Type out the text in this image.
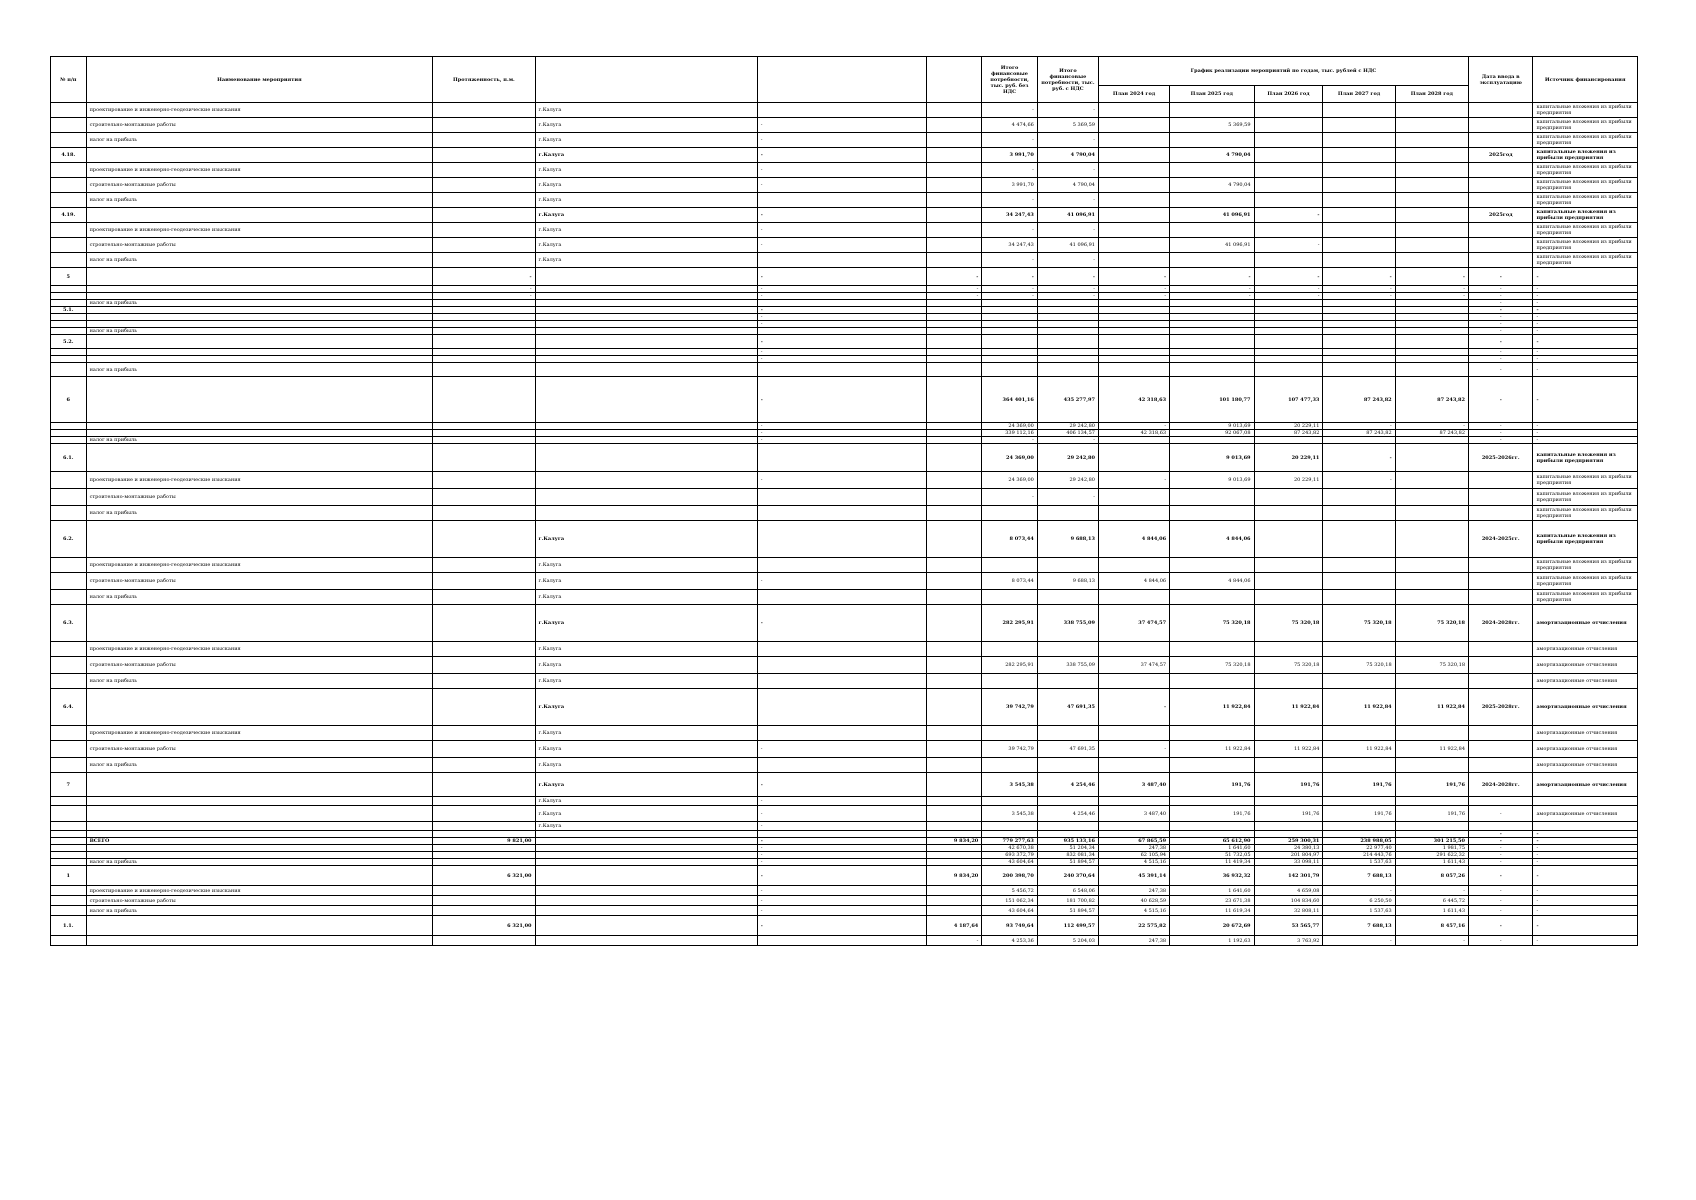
№ п/п	Наименование мероприятия	Протяженность, п.м.				Итого финансовые потребности, тыс. руб. без НДС	Итого финансовые потребности, тыс. руб. с НДС	График реализации мероприятий по годам, тыс. рублей с НДС					Дата ввода в эксплуатацию	Источник финансирования
								План 2024 год	План 2025 год	План 2026 год	План 2027 год	План 2028 год		
	проектирование и инженерно-геодезические изыскания		г.Калуга			-	-							капитальные вложения из прибыли предприятия
	строительно-монтажные работы		г.Калуга	-		4 474,66	5 369,59		5 369,59					капитальные вложения из прибыли предприятия
	налог на прибыль		г.Калуга	-		-	-							капитальные вложения из прибыли предприятия
4.18.			г.Калуга	-		3 991,70	4 790,04		4 790,04				2025год	капитальные вложения из прибыли предприятия
	проектирование и инженерно-геодезические изыскания		г.Калуга	-		-	-							капитальные вложения из прибыли предприятия
	строительно-монтажные работы		г.Калуга	-		3 991,70	4 790,04		4 790,04					капитальные вложения из прибыли предприятия
	налог на прибыль		г.Калуга			-	-							капитальные вложения из прибыли предприятия
4.19.			г.Калуга	-		34 247,43	41 096,91		41 096,91	-			2025год	капитальные вложения из прибыли предприятия
	проектирование и инженерно-геодезические изыскания		г.Калуга	-		-	-							капитальные вложения из прибыли предприятия
	строительно-монтажные работы		г.Калуга	-		34 247,43	41 096,91		41 096,91	-				капитальные вложения из прибыли предприятия
	налог на прибыль		г.Калуга			-	-							капитальные вложения из прибыли предприятия
5		-		-	-	-	-	-	-	-	-	-	-	-
		-		-	-	-	-	-	-	-	-	-	-	-
		-		-	-	-	-	-	-	-	-	-	-	-
	налог на прибыль												-	-
5.1.				-									-	-
				-									-	-
				-									-	-
	налог на прибыль												-	-
5.2.				-									-	-
				-									-	-
				-									-	-
	налог на прибыль												-	-
6				-		364 401,16	435 277,97	42 318,63	101 180,77	107 477,33	87 243,82	87 243,82	-	-
				-		24 369,00	29 242,80	-	9 013,69	20 229,11	-	-	-	-
				-		339 112,16	406 134,57	42 318,63	92 067,08	87 243,82	87 243,82	87 243,82	-	-
	налог на прибыль			-		-	-						-	-
6.1.						24 369,00	29 242,80		9 013,69	20 229,11	-		2025-2026гг.	капитальные вложения из прибыли предприятия
	проектирование и инженерно-геодезические изыскания			-		24 369,00	29 242,80	-	9 013,69	20 229,11	-			капитальные вложения из прибыли предприятия
	строительно-монтажные работы					-	-							капитальные вложения из прибыли предприятия
	налог на прибыль													капитальные вложения из прибыли предприятия
6.2.			г.Калуга			8 073,44	9 688,13	4 844,06	4 844,06				2024-2025гг.	капитальные вложения из прибыли предприятия
	проектирование и инженерно-геодезические изыскания		г.Калуга											капитальные вложения из прибыли предприятия
	строительно-монтажные работы		г.Калуга	-		8 073,44	9 688,13	4 844,06	4 844,06					капитальные вложения из прибыли предприятия
	налог на прибыль		г.Калуга											капитальные вложения из прибыли предприятия
6.3.			г.Калуга	-		282 295,91	338 755,09	37 474,57	75 320,18	75 320,18	75 320,18	75 320,18	2024-2028гг.	амортизационные отчисления
	проектирование и инженерно-геодезические изыскания		г.Калуга											амортизационные отчисления
	строительно-монтажные работы		г.Калуга			282 295,91	338 755,09	37 474,57	75 320,18	75 320,18	75 320,18	75 320,18		амортизационные отчисления
	налог на прибыль		г.Калуга											амортизационные отчисления
6.4.			г.Калуга			39 742,79	47 691,35	-	11 922,84	11 922,84	11 922,84	11 922,84	2025-2028гг.	амортизационные отчисления
	проектирование и инженерно-геодезические изыскания		г.Калуга											амортизационные отчисления
	строительно-монтажные работы		г.Калуга	-		39 742,79	47 691,35	-	11 922,84	11 922,84	11 922,84	11 922,84		амортизационные отчисления
	налог на прибыль		г.Калуга											амортизационные отчисления
7			г.Калуга	-		3 545,38	4 254,46	3 487,40	191,76	191,76	191,76	191,76	2024-2028гг.	амортизационные отчисления
			г.Калуга	-										
			г.Калуга	-		3 545,38	4 254,46	3 487,40	191,76	191,76	191,76	191,76	-	амортизационные отчисления
			г.Калуга	-										
													-	-
	ВСЕГО	9 821,00		-	9 834,20	779 277,63	935 133,16	67 865,59	65 612,90	259 300,31	238 988,05	301 215,50	-	-
				-		42 670,38	51 204,34	247,38	1 641,60	24 380,13	22 977,40	1 981,75	-	-
				-		693 372,79	832 081,34	62 105,94	51 732,05	201 804,97	214 443,76	291 622,32	-	-
	налог на прибыль			-		43 604,64	51 894,57	4 515,16	11 419,34	33 098,11	1 537,63	1 611,43	-	-
1		6 321,00		-	9 834,20	200 398,70	240 370,64	45 391,14	36 932,32	142 301,79	7 688,13	8 057,26	-	-
	проектирование и инженерно-геодезические изыскания			-		5 456,72	6 548,06	247,38	1 641,60	4 659,08	-	-	-	-
	строительно-монтажные работы			-		151 062,34	181 700,82	40 628,59	23 671,38	104 834,60	6 250,50	6 445,72	-	-
	налог на прибыль			-		43 604,64	51 894,57	4 515,16	11 619,34	32 808,11	1 537,63	1 611,43	-	-
1.1.		6 321,00		-	4 187,64	93 749,64	112 499,57	22 575,82	20 672,69	53 565,77	7 688,13	8 457,16	-	-
					-	4 253,36	5 204,03	247,38	1 192,63	3 763,92	-	-	-	-
